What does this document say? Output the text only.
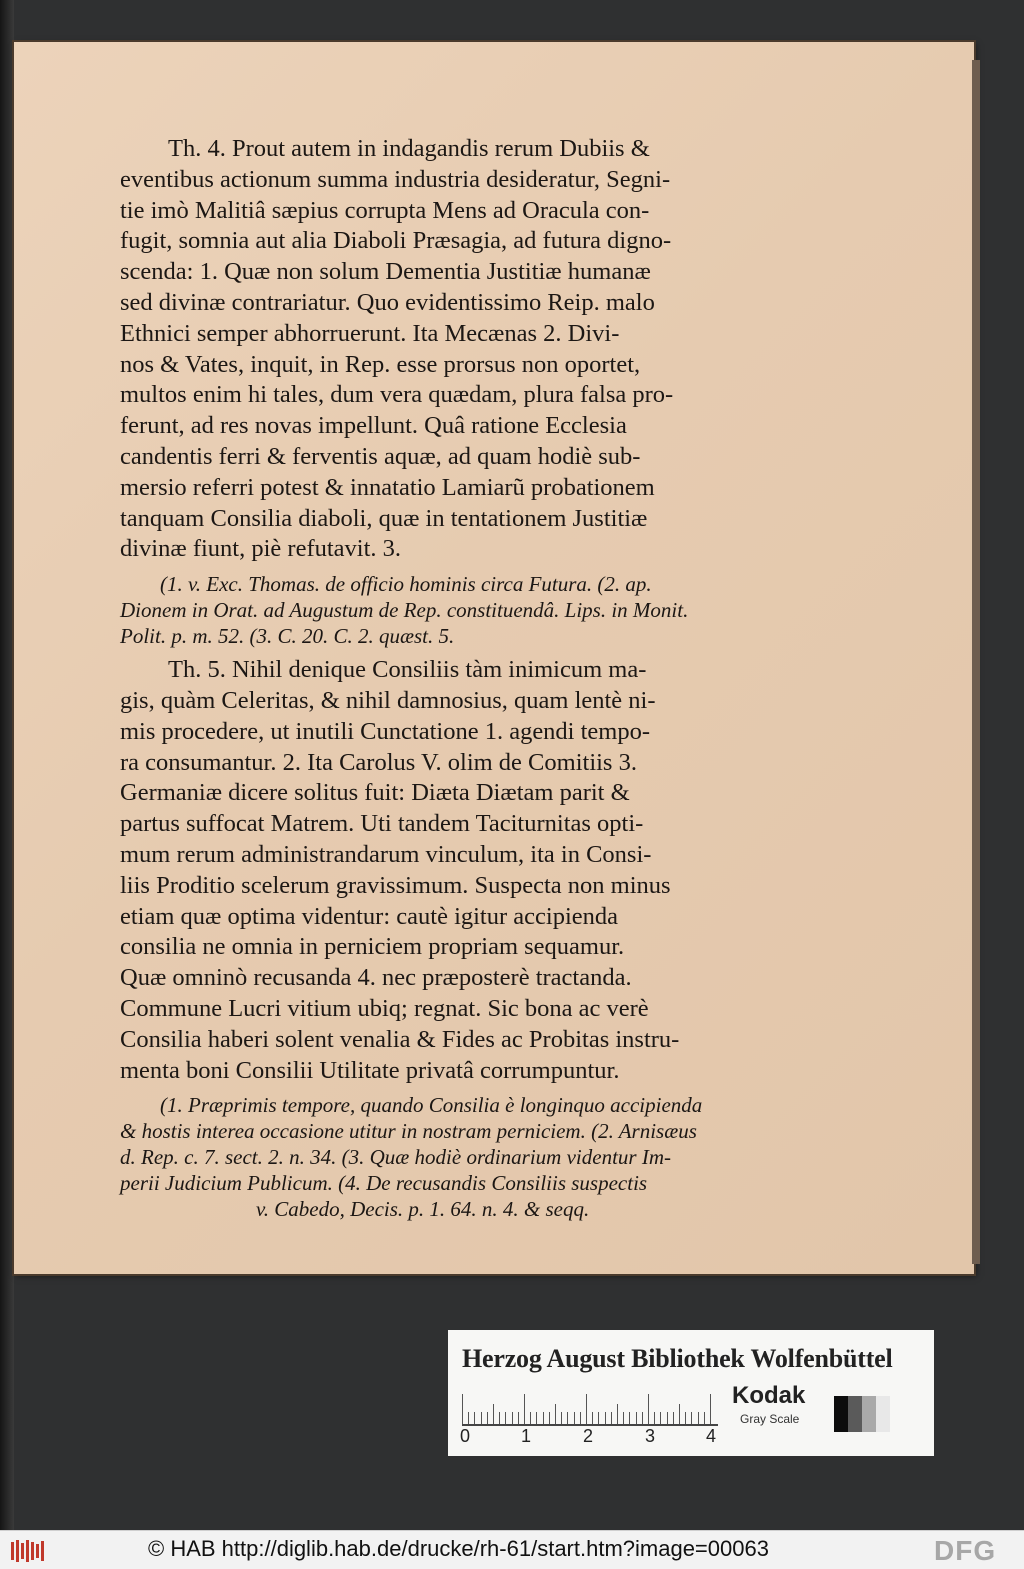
Th. 4. Prout autem in indagandis rerum Dubiis &
eventibus actionum summa industria desideratur, Segni-
tie imò Malitiâ sæpius corrupta Mens ad Oracula con-
fugit, somnia aut alia Diaboli Præsagia, ad futura digno-
scenda: 1. Quæ non solum Dementia Justitiæ humanæ
sed divinæ contrariatur. Quo evidentissimo Reip. malo
Ethnici semper abhorruerunt. Ita Mecænas 2. Divi-
nos & Vates, inquit, in Rep. esse prorsus non oportet,
multos enim hi tales, dum vera quædam, plura falsa pro-
ferunt, ad res novas impellunt. Quâ ratione Ecclesia
candentis ferri & ferventis aquæ, ad quam hodiè sub-
mersio referri potest & innatatio Lamiarũ probationem
tanquam Consilia diaboli, quæ in tentationem Justitiæ
divinæ fiunt, piè refutavit. 3.
(1. v. Exc. Thomas. de officio hominis circa Futura. (2. ap.
Dionem in Orat. ad Augustum de Rep. constituendâ. Lips. in Monit.
Polit. p. m. 52. (3. C. 20. C. 2. quæst. 5.
Th. 5. Nihil denique Consiliis tàm inimicum ma-
gis, quàm Celeritas, & nihil damnosius, quam lentè ni-
mis procedere, ut inutili Cunctatione 1. agendi tempo-
ra consumantur. 2. Ita Carolus V. olim de Comitiis 3.
Germaniæ dicere solitus fuit: Diæta Diætam parit &
partus suffocat Matrem. Uti tandem Taciturnitas opti-
mum rerum administrandarum vinculum, ita in Consi-
liis Proditio scelerum gravissimum. Suspecta non minus
etiam quæ optima videntur: cautè igitur accipienda
consilia ne omnia in perniciem propriam sequamur.
Quæ omninò recusanda 4. nec præposterè tractanda.
Commune Lucri vitium ubiq; regnat. Sic bona ac verè
Consilia haberi solent venalia & Fides ac Probitas instru-
menta boni Consilii Utilitate privatâ corrumpuntur.
(1. Præprimis tempore, quando Consilia è longinquo accipienda
& hostis interea occasione utitur in nostram perniciem. (2. Arnisæus
d. Rep. c. 7. sect. 2. n. 34. (3. Quæ hodiè ordinarium videntur Im-
perii Judicium Publicum. (4. De recusandis Consiliis suspectis
v. Cabedo, Decis. p. 1. 64. n. 4. & seqq.
Herzog August Bibliothek Wolfenbüttel
0	1	2	3	4
Kodak
Gray Scale
© HAB http://diglib.hab.de/drucke/rh-61/start.htm?image=00063	DFG
